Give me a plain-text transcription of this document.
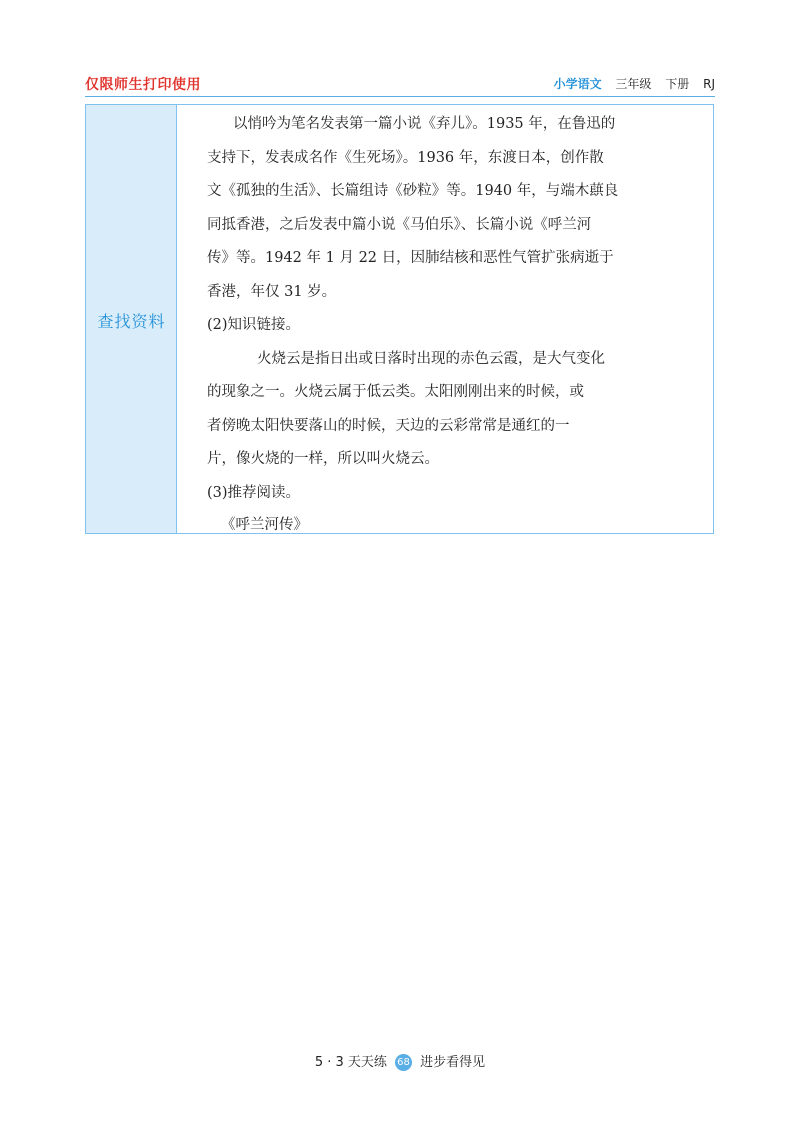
仅限师生打印使用	小学语文 三年级 下册 RJ
查找资料
以悄吟为笔名发表第一篇小说《弃儿》。1935 年，在鲁迅的
支持下，发表成名作《生死场》。1936 年，东渡日本，创作散
文《孤独的生活》、长篇组诗《砂粒》等。1940 年，与端木蕻良
同抵香港，之后发表中篇小说《马伯乐》、长篇小说《呼兰河
传》等。1942 年 1 月 22 日，因肺结核和恶性气管扩张病逝于
香港，年仅 31 岁。
(2)知识链接。
火烧云是指日出或日落时出现的赤色云霞，是大气变化
的现象之一。火烧云属于低云类。太阳刚刚出来的时候，或
者傍晚太阳快要落山的时候，天边的云彩常常是通红的一
片，像火烧的一样，所以叫火烧云。
(3)推荐阅读。
《呼兰河传》
5 · 3 天天练 68 进步看得见
